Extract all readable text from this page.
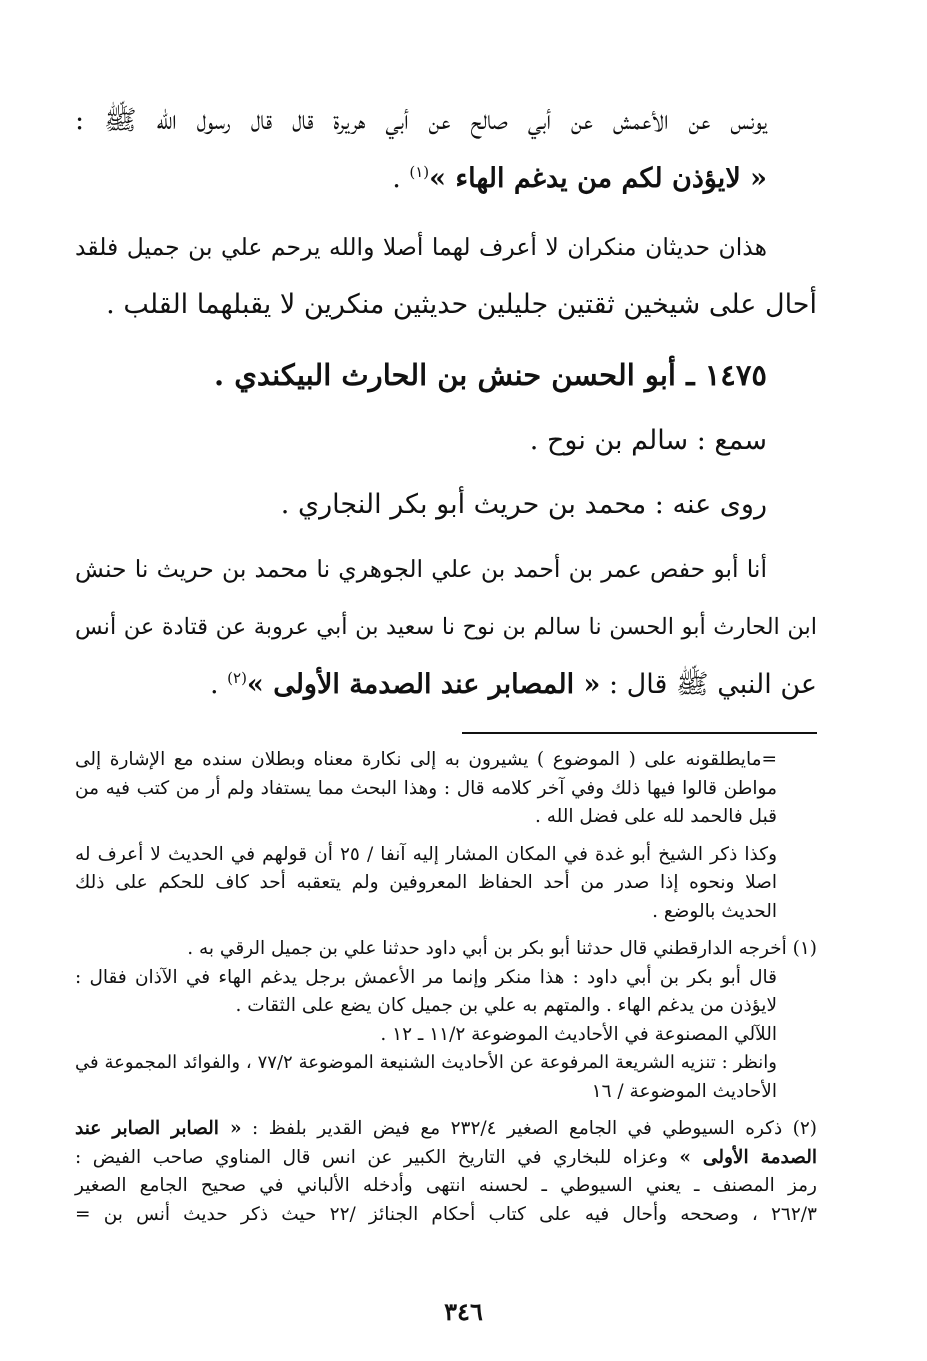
يونس عن الأعمش عن أبي صالح عن أبي هريرة قال قال رسول الله ﷺ :
« لايؤذن لكم من يدغم الهاء »$^{(١)}$ .
هذان حديثان منكران لا أعرف لهما أصلا والله يرحم علي بن جميل فلقد
أحال على شيخين ثقتين جليلين حديثين منكرين لا يقبلهما القلب .
١٤٧٥ ـ أبو الحسن حنش بن الحارث البيكندي .
سمع : سالم بن نوح .
روى عنه : محمد بن حريث أبو بكر النجاري .
أنا أبو حفص عمر بن أحمد بن علي الجوهري نا محمد بن حريث نا حنش
ابن الحارث أبو الحسن نا سالم بن نوح نا سعيد بن أبي عروبة عن قتادة عن أنس
عن النبي ﷺ قال : « المصابر عند الصدمة الأولى »$^{(٢)}$ .
=مايطلقونه على ( الموضوع ) يشيرون به إلى نكارة معناه وبطلان سنده مع الإشارة إلى
مواطن قالوا فيها ذلك وفي آخر كلامه قال : وهذا البحث مما يستفاد ولم أر من كتب فيه من
قبل فالحمد لله على فضل الله .
وكذا ذكر الشيخ أبو غدة في المكان المشار إليه آنفا / ٢٥ أن قولهم في الحديث لا أعرف له
اصلا ونحوه إذا صدر من أحد الحفاظ المعروفين ولم يتعقبه أحد كاف للحكم على ذلك
الحديث بالوضع .
(١) أخرجه الدارقطني قال حدثنا أبو بكر بن أبي داود حدثنا علي بن جميل الرقي به .
قال أبو بكر بن أبي داود : هذا منكر وإنما مر الأعمش برجل يدغم الهاء في الآذان فقال :
لايؤذن من يدغم الهاء . والمتهم به علي بن جميل كان يضع على الثقات .
اللآلي المصنوعة في الأحاديث الموضوعة ١١/٢ ـ ١٢ .
وانظر : تنزيه الشريعة المرفوعة عن الأحاديث الشنيعة الموضوعة ٧٧/٢ ، والفوائد المجموعة في
الأحاديث الموضوعة / ١٦
(٢) ذكره السيوطي في الجامع الصغير ٢٣٢/٤ مع فيض القدير بلفظ : « الصابر الصابر عند
الصدمة الأولى » وعزاه للبخاري في التاريخ الكبير عن انس قال المناوي صاحب الفيض :
رمز المصنف ـ يعني السيوطي ـ لحسنه انتهى وأدخله الألباني في صحيح الجامع الصغير
٢٦٢/٣ ، وصححه وأحال فيه على كتاب أحكام الجنائز /٢٢ حيث ذكر حديث أنس بن =
٣٤٦
